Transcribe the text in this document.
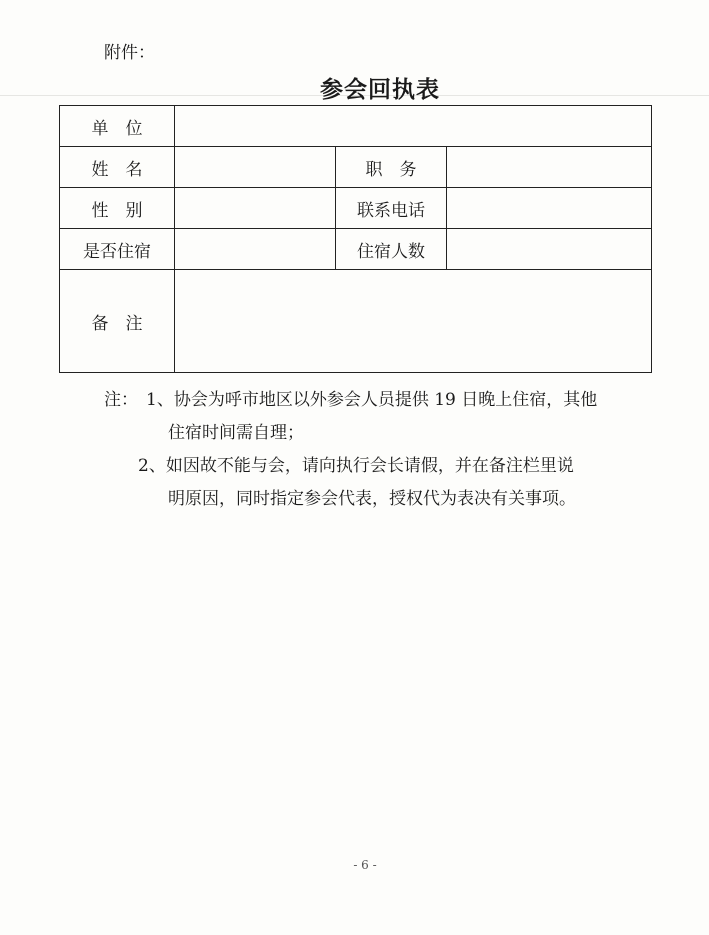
附件：
参会回执表
单　位			
姓　名		职　务	
性　别		联系电话	
是否住宿		住宿人数	
备　注			
注： 1、协会为呼市地区以外参会人员提供 19 日晚上住宿，其他
住宿时间需自理；
2、如因故不能与会，请向执行会长请假，并在备注栏里说
明原因，同时指定参会代表，授权代为表决有关事项。
- 6 -
